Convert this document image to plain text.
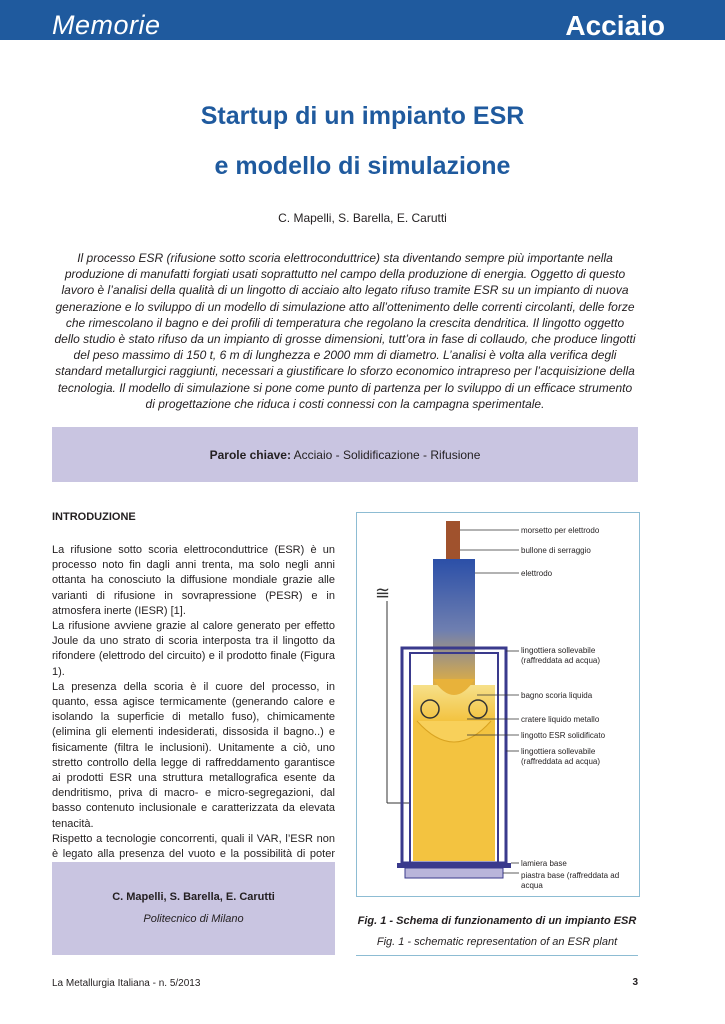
Memorie	Acciaio
Startup di un impianto ESR
e modello di simulazione
C. Mapelli, S. Barella, E. Carutti
Il processo ESR (rifusione sotto scoria elettroconduttrice) sta diventando sempre più importante nella produzione di manufatti forgiati usati soprattutto nel campo della produzione di energia. Oggetto di questo lavoro è l’analisi della qualità di un lingotto di acciaio alto legato rifuso tramite ESR su un impianto di nuova generazione e lo sviluppo di un modello di simulazione atto all’ottenimento delle correnti circolanti, delle forze che rimescolano il bagno e dei profili di temperatura che regolano la crescita dendritica. Il lingotto oggetto dello studio è stato rifuso da un impianto di grosse dimensioni, tutt’ora in fase di collaudo, che produce lingotti del peso massimo di 150 t, 6 m di lunghezza e 2000 mm di diametro. L’analisi è volta alla verifica degli standard metallurgici raggiunti, necessari a giustificare lo sforzo economico intrapreso per l’acquisizione della tecnologia. Il modello di simulazione si pone come punto di partenza per lo sviluppo di un efficace strumento di progettazione che riduca i costi connessi con la campagna sperimentale.
Parole chiave: Acciaio - Solidificazione - Rifusione
INTRODUZIONE

La rifusione sotto scoria elettroconduttrice (ESR) è un processo noto fin dagli anni trenta, ma solo negli anni ottanta ha conosciuto la diffusione mondiale grazie alle varianti di rifusione in sovrapressione (PESR) e in atmosfera inerte (IESR) [1].

La rifusione avviene grazie al calore generato per effetto Joule da uno strato di scoria interposta tra il lingotto da rifondere (elettrodo del circuito) e il prodotto finale (Figura 1).

La presenza della scoria è il cuore del processo, in quanto, essa agisce termicamente (generando calore e isolando la superficie di metallo fuso), chimicamente (elimina gli elementi indesiderati, dissosida il bagno..) e fisicamente (filtra le inclusioni). Unitamente a ciò, uno stretto controllo della legge di raffreddamento garantisce ai prodotti ESR una struttura metallografica esente da dendritismo, priva di macro- e micro-segregazioni, dal basso contenuto inclusionale e caratterizzata da elevata tenacità.

Rispetto a tecnologie concorrenti, quali il VAR, l’ESR non è legato alla presenza del vuoto e la possibilità di poter

C. Mapelli, S. Barella, E. Carutti
Politecnico di Milano
≅
morsetto per elettrodo
bullone di serraggio
elettrodo
lingottiera sollevabile
(raffreddata ad acqua)
bagno scoria liquida
cratere liquido metallo
lingotto ESR solidificato
lingottiera sollevabile
(raffreddata ad acqua)
lamiera base
piastra base (raffreddata ad
acqua
Fig. 1 - Schema di funzionamento di un impianto ESR
Fig. 1 - schematic representation of an ESR plant
La Metallurgia Italiana - n. 5/2013	3
